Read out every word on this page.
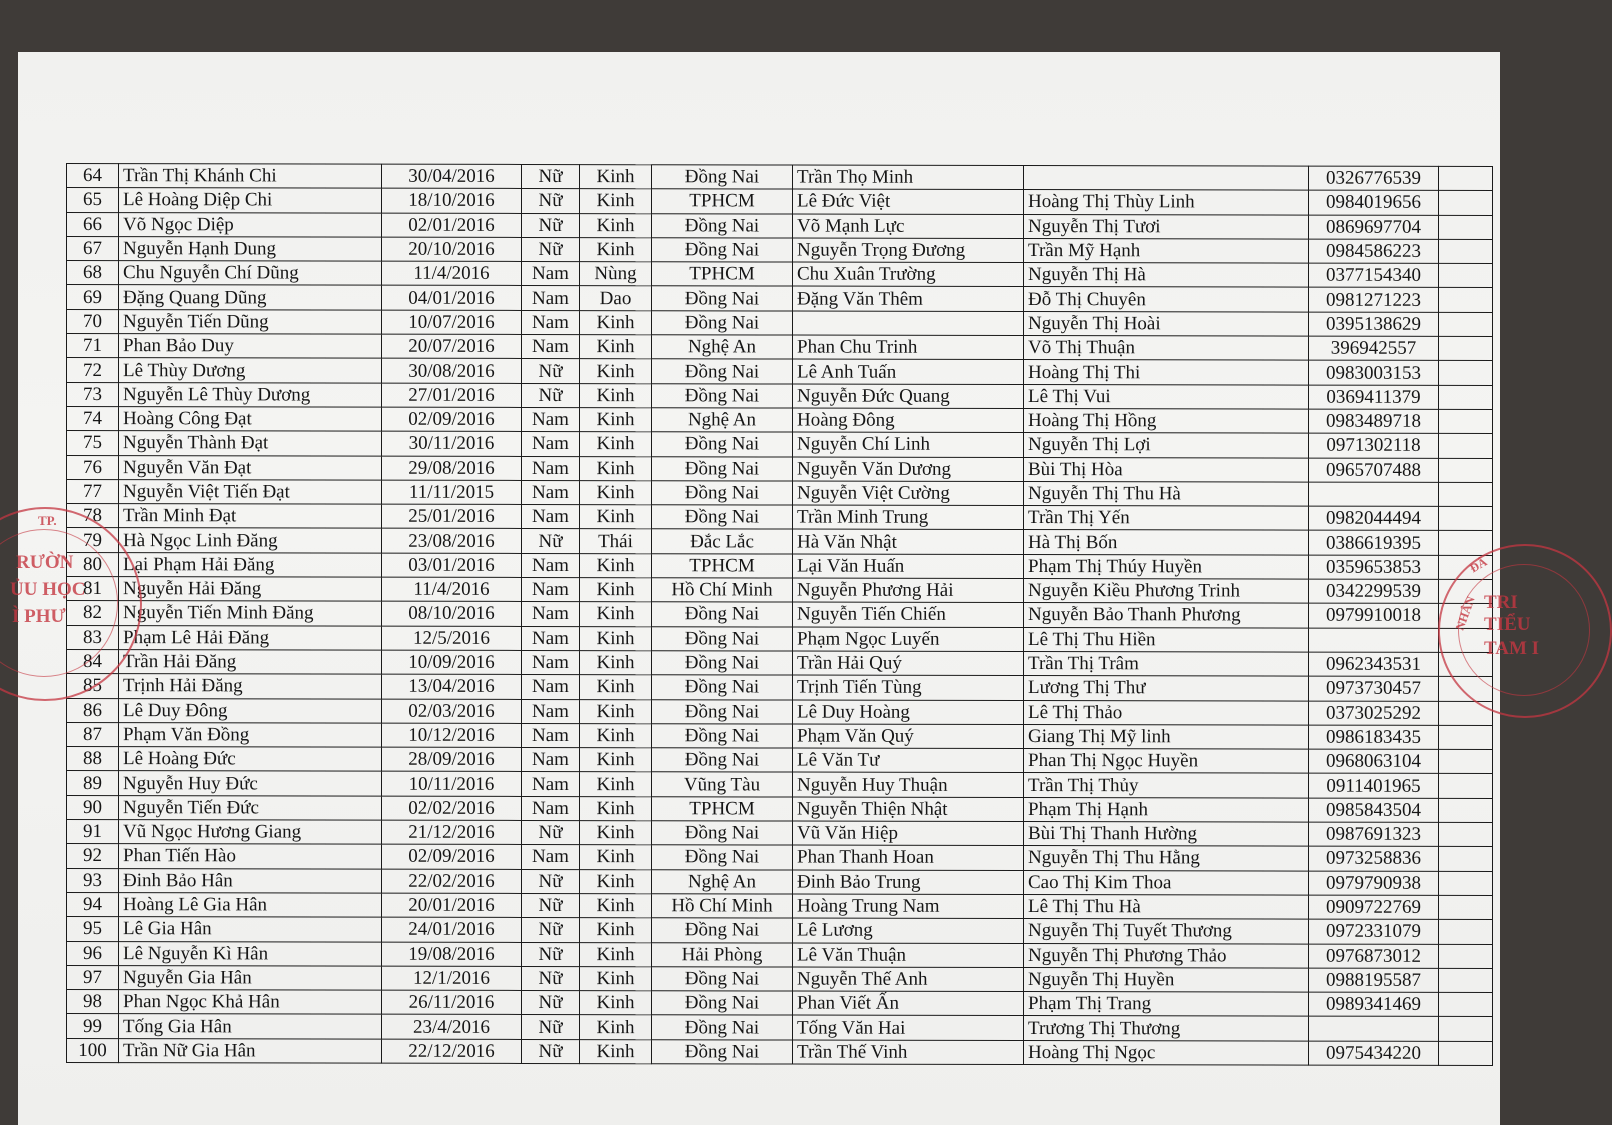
64	Trần Thị Khánh Chi	30/04/2016	Nữ	Kinh	Đồng Nai	Trần Thọ Minh		0326776539	
65	Lê Hoàng Diệp Chi	18/10/2016	Nữ	Kinh	TPHCM	Lê Đức Việt	Hoàng Thị Thùy Linh	0984019656	
66	Võ Ngọc Diệp	02/01/2016	Nữ	Kinh	Đồng Nai	Võ Mạnh Lực	Nguyễn Thị Tươi	0869697704	
67	Nguyễn Hạnh Dung	20/10/2016	Nữ	Kinh	Đồng Nai	Nguyễn Trọng Đương	Trần Mỹ Hạnh	0984586223	
68	Chu Nguyễn Chí Dũng	11/4/2016	Nam	Nùng	TPHCM	Chu Xuân Trường	Nguyễn Thị Hà	0377154340	
69	Đặng Quang Dũng	04/01/2016	Nam	Dao	Đồng Nai	Đặng Văn Thêm	Đỗ Thị Chuyên	0981271223	
70	Nguyễn Tiến Dũng	10/07/2016	Nam	Kinh	Đồng Nai		Nguyễn Thị Hoài	0395138629	
71	Phan Bảo Duy	20/07/2016	Nam	Kinh	Nghệ An	Phan Chu Trinh	Võ Thị Thuận	396942557	
72	Lê Thùy Dương	30/08/2016	Nữ	Kinh	Đồng Nai	Lê Anh Tuấn	Hoàng Thị Thi	0983003153	
73	Nguyễn Lê Thùy Dương	27/01/2016	Nữ	Kinh	Đồng Nai	Nguyễn Đức Quang	Lê Thị Vui	0369411379	
74	Hoàng Công Đạt	02/09/2016	Nam	Kinh	Nghệ An	Hoàng Đông	Hoàng Thị Hồng	0983489718	
75	Nguyễn Thành Đạt	30/11/2016	Nam	Kinh	Đồng Nai	Nguyễn Chí Linh	Nguyễn Thị Lợi	0971302118	
76	Nguyễn Văn Đạt	29/08/2016	Nam	Kinh	Đồng Nai	Nguyễn Văn Dương	Bùi Thị Hòa	0965707488	
77	Nguyễn Việt Tiến Đạt	11/11/2015	Nam	Kinh	Đồng Nai	Nguyễn Việt Cường	Nguyễn Thị Thu Hà		
78	Trần Minh Đạt	25/01/2016	Nam	Kinh	Đồng Nai	Trần Minh Trung	Trần Thị Yến	0982044494	
79	Hà Ngọc Linh Đăng	23/08/2016	Nữ	Thái	Đắc Lắc	Hà Văn Nhật	Hà Thị Bốn	0386619395	
80	Lại Phạm Hải Đăng	03/01/2016	Nam	Kinh	TPHCM	Lại Văn Huấn	Phạm Thị Thúy Huyền	0359653853	
81	Nguyễn Hải Đăng	11/4/2016	Nam	Kinh	Hồ Chí Minh	Nguyễn Phương Hải	Nguyễn Kiều Phương Trinh	0342299539	
82	Nguyễn Tiến Minh Đăng	08/10/2016	Nam	Kinh	Đồng Nai	Nguyễn Tiến Chiến	Nguyễn Bảo Thanh Phương	0979910018	
83	Phạm Lê Hải Đăng	12/5/2016	Nam	Kinh	Đồng Nai	Phạm Ngọc Luyến	Lê Thị Thu Hiền		
84	Trần Hải Đăng	10/09/2016	Nam	Kinh	Đồng Nai	Trần Hải Quý	Trần Thị Trâm	0962343531	
85	Trịnh Hải Đăng	13/04/2016	Nam	Kinh	Đồng Nai	Trịnh Tiến Tùng	Lương Thị Thư	0973730457	
86	Lê Duy Đông	02/03/2016	Nam	Kinh	Đồng Nai	Lê Duy Hoàng	Lê Thị Thảo	0373025292	
87	Phạm Văn Đồng	10/12/2016	Nam	Kinh	Đồng Nai	Phạm Văn Quý	Giang Thị Mỹ linh	0986183435	
88	Lê Hoàng Đức	28/09/2016	Nam	Kinh	Đồng Nai	Lê Văn Tư	Phan Thị Ngọc Huyền	0968063104	
89	Nguyễn Huy Đức	10/11/2016	Nam	Kinh	Vũng Tàu	Nguyễn Huy Thuận	Trần Thị Thủy	0911401965	
90	Nguyễn Tiến Đức	02/02/2016	Nam	Kinh	TPHCM	Nguyễn Thiện Nhật	Phạm Thị Hạnh	0985843504	
91	Vũ Ngọc Hương Giang	21/12/2016	Nữ	Kinh	Đồng Nai	Vũ Văn Hiệp	Bùi Thị Thanh Hường	0987691323	
92	Phan Tiến Hào	02/09/2016	Nam	Kinh	Đồng Nai	Phan Thanh Hoan	Nguyễn Thị Thu Hằng	0973258836	
93	Đinh Bảo Hân	22/02/2016	Nữ	Kinh	Nghệ An	Đinh Bảo Trung	Cao Thị Kim Thoa	0979790938	
94	Hoàng Lê Gia Hân	20/01/2016	Nữ	Kinh	Hồ Chí Minh	Hoàng Trung Nam	Lê Thị Thu Hà	0909722769	
95	Lê Gia Hân	24/01/2016	Nữ	Kinh	Đồng Nai	Lê Lương	Nguyễn Thị Tuyết Thương	0972331079	
96	Lê Nguyễn Kì Hân	19/08/2016	Nữ	Kinh	Hải Phòng	Lê Văn Thuận	Nguyễn Thị Phương Thảo	0976873012	
97	Nguyễn Gia Hân	12/1/2016	Nữ	Kinh	Đồng Nai	Nguyễn Thế Anh	Nguyễn Thị Huyền	0988195587	
98	Phan Ngọc Khả Hân	26/11/2016	Nữ	Kinh	Đồng Nai	Phan Viết Ấn	Phạm Thị Trang	0989341469	
99	Tống Gia Hân	23/4/2016	Nữ	Kinh	Đồng Nai	Tống Văn Hai	Trương Thị Thương		
100	Trần Nữ Gia Hân	22/12/2016	Nữ	Kinh	Đồng Nai	Trần Thế Vinh	Hoàng Thị Ngọc	0975434220	
TP.
RƯỜN
ỦU HỌC
Ì PHƯ
TRI
TIỂU
TAM I
NHÂN
ĐÂ
